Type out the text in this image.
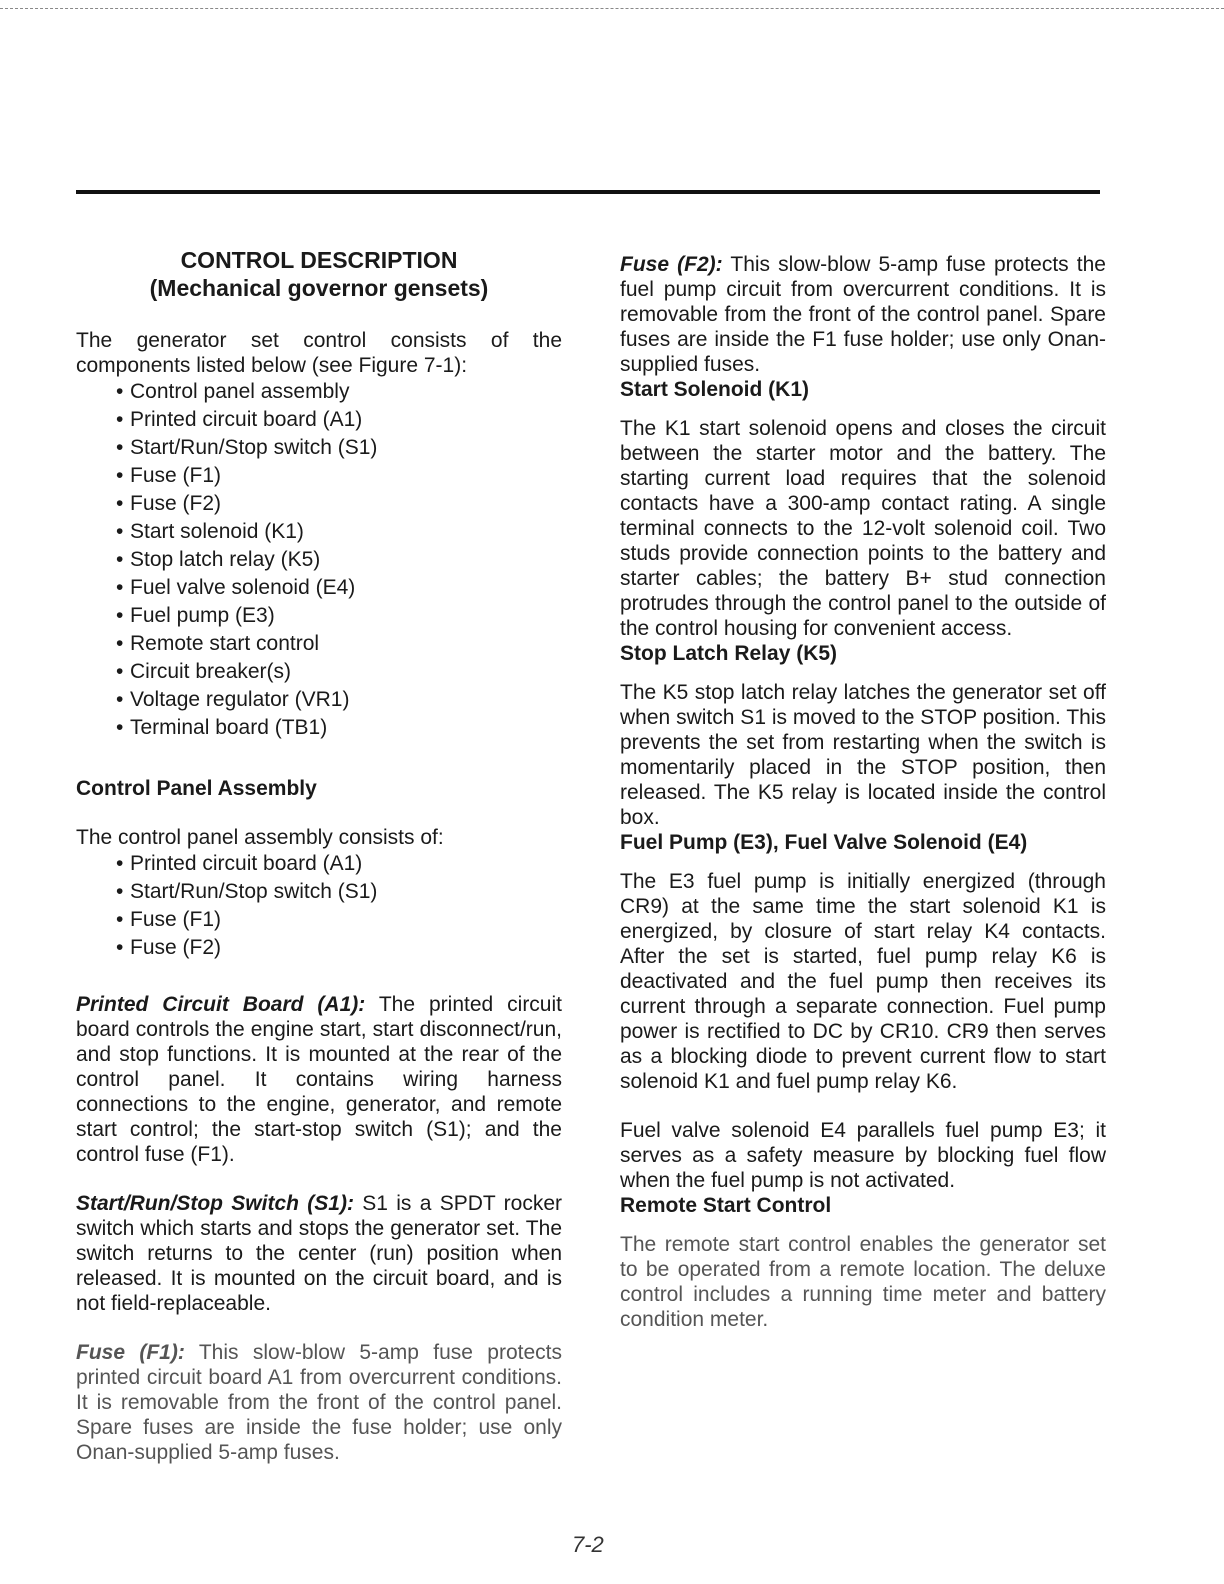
CONTROL DESCRIPTION

(Mechanical governor gensets)

The generator set control consists of the components listed below (see Figure 7-1):

• Control panel assembly
• Printed circuit board (A1)
• Start/Run/Stop switch (S1)
• Fuse (F1)
• Fuse (F2)
• Start solenoid (K1)
• Stop latch relay (K5)
• Fuel valve solenoid (E4)
• Fuel pump (E3)
• Remote start control
• Circuit breaker(s)
• Voltage regulator (VR1)
• Terminal board (TB1)

Control Panel Assembly

The control panel assembly consists of:

• Printed circuit board (A1)
• Start/Run/Stop switch (S1)
• Fuse (F1)
• Fuse (F2)

Printed Circuit Board (A1): The printed circuit board controls the engine start, start disconnect/run, and stop functions. It is mounted at the rear of the control panel. It contains wiring harness connections to the engine, generator, and remote start control; the start-stop switch (S1); and the control fuse (F1).

Start/Run/Stop Switch (S1): S1 is a SPDT rocker switch which starts and stops the generator set. The switch returns to the center (run) position when released. It is mounted on the circuit board, and is not field-replaceable.

Fuse (F1): This slow-blow 5-amp fuse protects printed circuit board A1 from overcurrent conditions. It is removable from the front of the control panel. Spare fuses are inside the fuse holder; use only Onan-supplied 5-amp fuses.

Fuse (F2): This slow-blow 5-amp fuse protects the fuel pump circuit from overcurrent conditions. It is removable from the front of the control panel. Spare fuses are inside the F1 fuse holder; use only Onan-supplied fuses.

Start Solenoid (K1)

The K1 start solenoid opens and closes the circuit between the starter motor and the battery. The starting current load requires that the solenoid contacts have a 300-amp contact rating. A single terminal connects to the 12-volt solenoid coil. Two studs provide connection points to the battery and starter cables; the battery B+ stud connection protrudes through the control panel to the outside of the control housing for convenient access.

Stop Latch Relay (K5)

The K5 stop latch relay latches the generator set off when switch S1 is moved to the STOP position. This prevents the set from restarting when the switch is momentarily placed in the STOP position, then released. The K5 relay is located inside the control box.

Fuel Pump (E3), Fuel Valve Solenoid (E4)

The E3 fuel pump is initially energized (through CR9) at the same time the start solenoid K1 is energized, by closure of start relay K4 contacts. After the set is started, fuel pump relay K6 is deactivated and the fuel pump then receives its current through a separate connection. Fuel pump power is rectified to DC by CR10. CR9 then serves as a blocking diode to prevent current flow to start solenoid K1 and fuel pump relay K6.

Fuel valve solenoid E4 parallels fuel pump E3; it serves as a safety measure by blocking fuel flow when the fuel pump is not activated.

Remote Start Control

The remote start control enables the generator set to be operated from a remote location. The deluxe control includes a running time meter and battery condition meter.

7-2
